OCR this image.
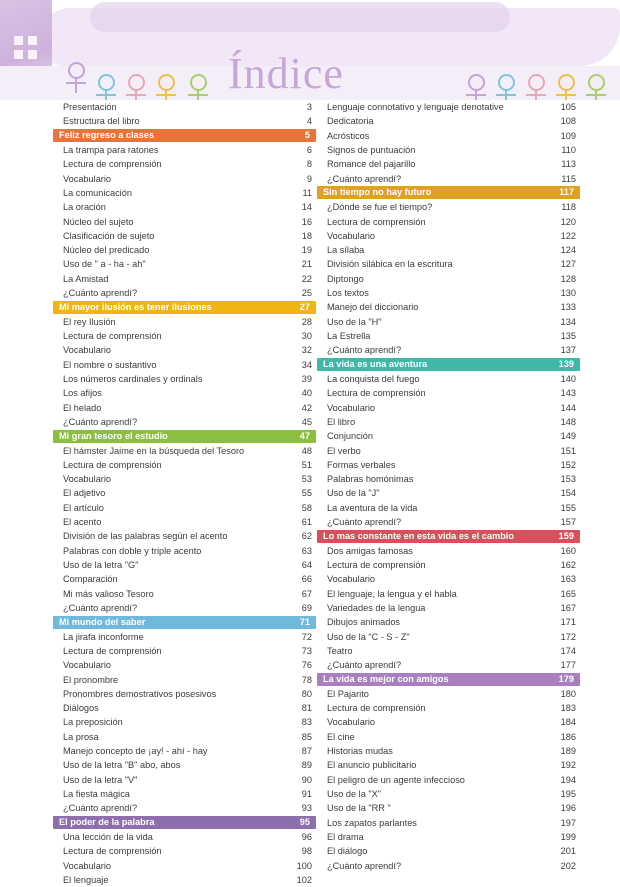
Índice
Presentación	3
Estructura del libro	4
Feliz regreso a clases	5
La trampa para ratones	6
Lectura de comprensión	8
Vocabulario	9
La comunicación	11
La oración	14
Núcleo del sujeto	16
Clasificación de sujeto	18
Núcleo del predicado	19
Uso de " a - ha - ah"	21
La Amistad	22
¿Cuánto aprendí?	25
Mi mayor ilusión es tener ilusiones	27
El rey Ilusión	28
Lectura de comprensión	30
Vocabulario	32
El nombre o sustantivo	34
Los números cardinales y ordinals	39
Los afijos	40
El helado	42
¿Cuánto aprendí?	45
Mi gran tesoro el estudio	47
El hámster Jaime en la búsqueda del Tesoro	48
Lectura de comprensión	51
Vocabulario	53
El adjetivo	55
El artículo	58
El acento	61
División de las palabras según el acento	62
Palabras con doble y triple acento	63
Uso de la letra "G"	64
Comparación	66
Mi más valioso Tesoro	67
¿Cuánto aprendí?	69
Mi mundo del saber	71
La jirafa inconforme	72
Lectura de comprensión	73
Vocabulario	76
El pronombre	78
Pronombres demostrativos posesivos	80
Diálogos	81
La preposición	83
La prosa	85
Manejo concepto de ¡ay! - ahí - hay	87
Uso de la letra "B" abo, abos	89
Uso de la letra "V"	90
La fiesta mágica	91
¿Cuánto aprendí?	93
El poder de la palabra	95
Una lección de la vida	96
Lectura de comprensión	98
Vocabulario	100
El lenguaje	102
Lenguaje connotativo y lenguaje denotative	105
Dedicatoria	108
Acrósticos	109
Signos de puntuación	110
Romance del pajarillo	113
¿Cuánto aprendí?	115
Sin tiempo no hay futuro	117
¿Dónde se fue el tiempo?	118
Lectura de comprensión	120
Vocabulario	122
La sílaba	124
División silábica en la escritura	127
Diptongo	128
Los textos	130
Manejo del diccionario	133
Uso de la "H"	134
La Estrella	135
¿Cuánto aprendí?	137
La vida es una aventura	139
La conquista del fuego	140
Lectura de comprensión	143
Vocabulario	144
El libro	148
Conjunción	149
El verbo	151
Formas verbales	152
Palabras homónimas	153
Uso de la "J"	154
La aventura de la vida	155
¿Cuánto aprendí?	157
Lo mas constante en esta vida es el cambio	159
Dos amigas famosas	160
Lectura de comprensión	162
Vocabulario	163
El lenguaje, la lengua y el habla	165
Variedades de la lengua	167
Dibujos animados	171
Uso de la "C - S - Z"	172
Teatro	174
¿Cuánto aprendí?	177
La vida es mejor con amigos	179
El Pajarito	180
Lectura de comprensión	183
Vocabulario	184
El cine	186
Historias mudas	189
El anuncio publicitario	192
El peligro de un agente infeccioso	194
Uso de la "X"	195
Uso de la "RR "	196
Los zapatos parlantes	197
El drama	199
El diálogo	201
¿Cuánto aprendí?	202
